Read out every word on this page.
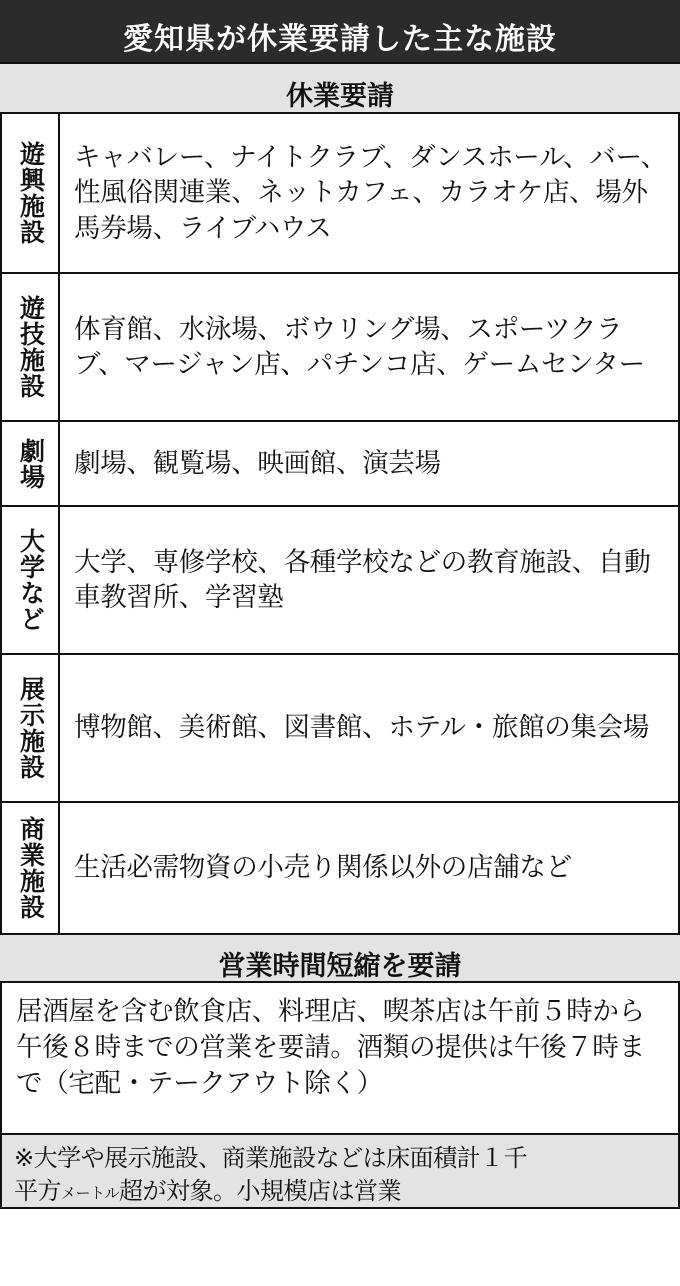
愛知県が休業要請した主な施設
休業要請
遊興施設	キャバレー、ナイトクラブ、ダンスホール、バー、性風俗関連業、ネットカフェ、カラオケ店、場外馬券場、ライブハウス
遊技施設	体育館、水泳場、ボウリング場、スポーツクラブ、マージャン店、パチンコ店、ゲームセンター
劇場	劇場、観覧場、映画館、演芸場
大学など	大学、専修学校、各種学校などの教育施設、自動車教習所、学習塾
展示施設	博物館、美術館、図書館、ホテル・旅館の集会場
商業施設	生活必需物資の小売り関係以外の店舗など
営業時間短縮を要請
居酒屋を含む飲食店、料理店、喫茶店は午前５時から午後８時までの営業を要請。酒類の提供は午後７時まで（宅配・テークアウト除く）
※大学や展示施設、商業施設などは床面積計１千
平方メートル超が対象。小規模店は営業
